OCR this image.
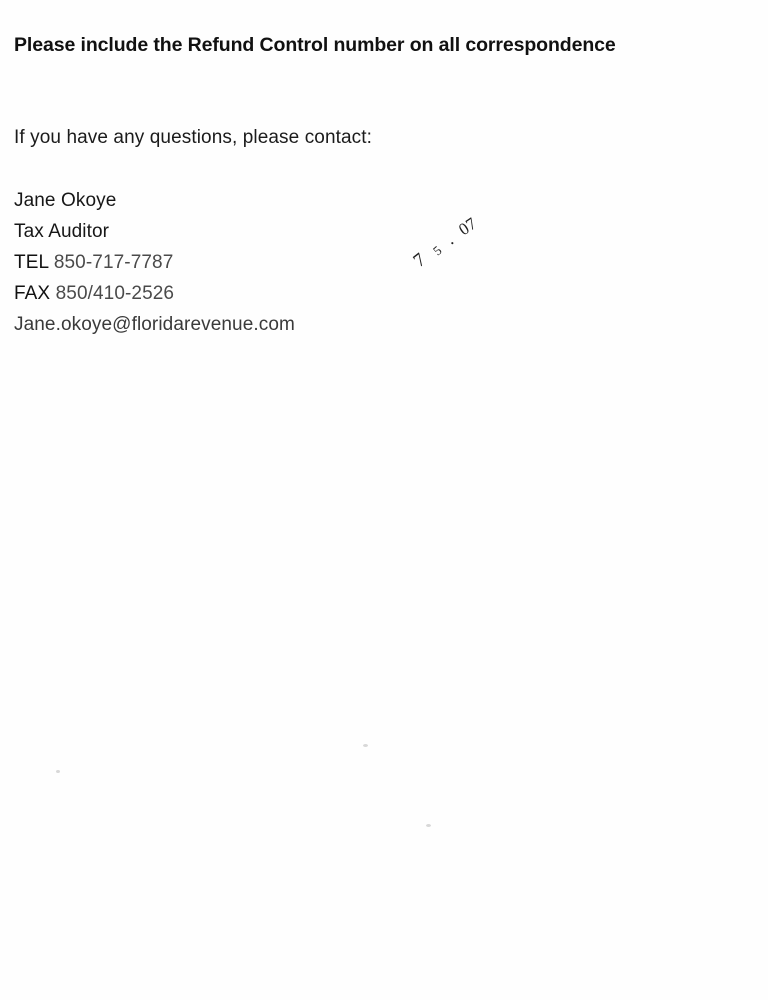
Please include the Refund Control number on all correspondence
If you have any questions, please contact:
Jane Okoye
Tax Auditor
TEL 850-717-7787
FAX 850/410-2526
Jane.okoye@floridarevenue.com
7 5
.
07
